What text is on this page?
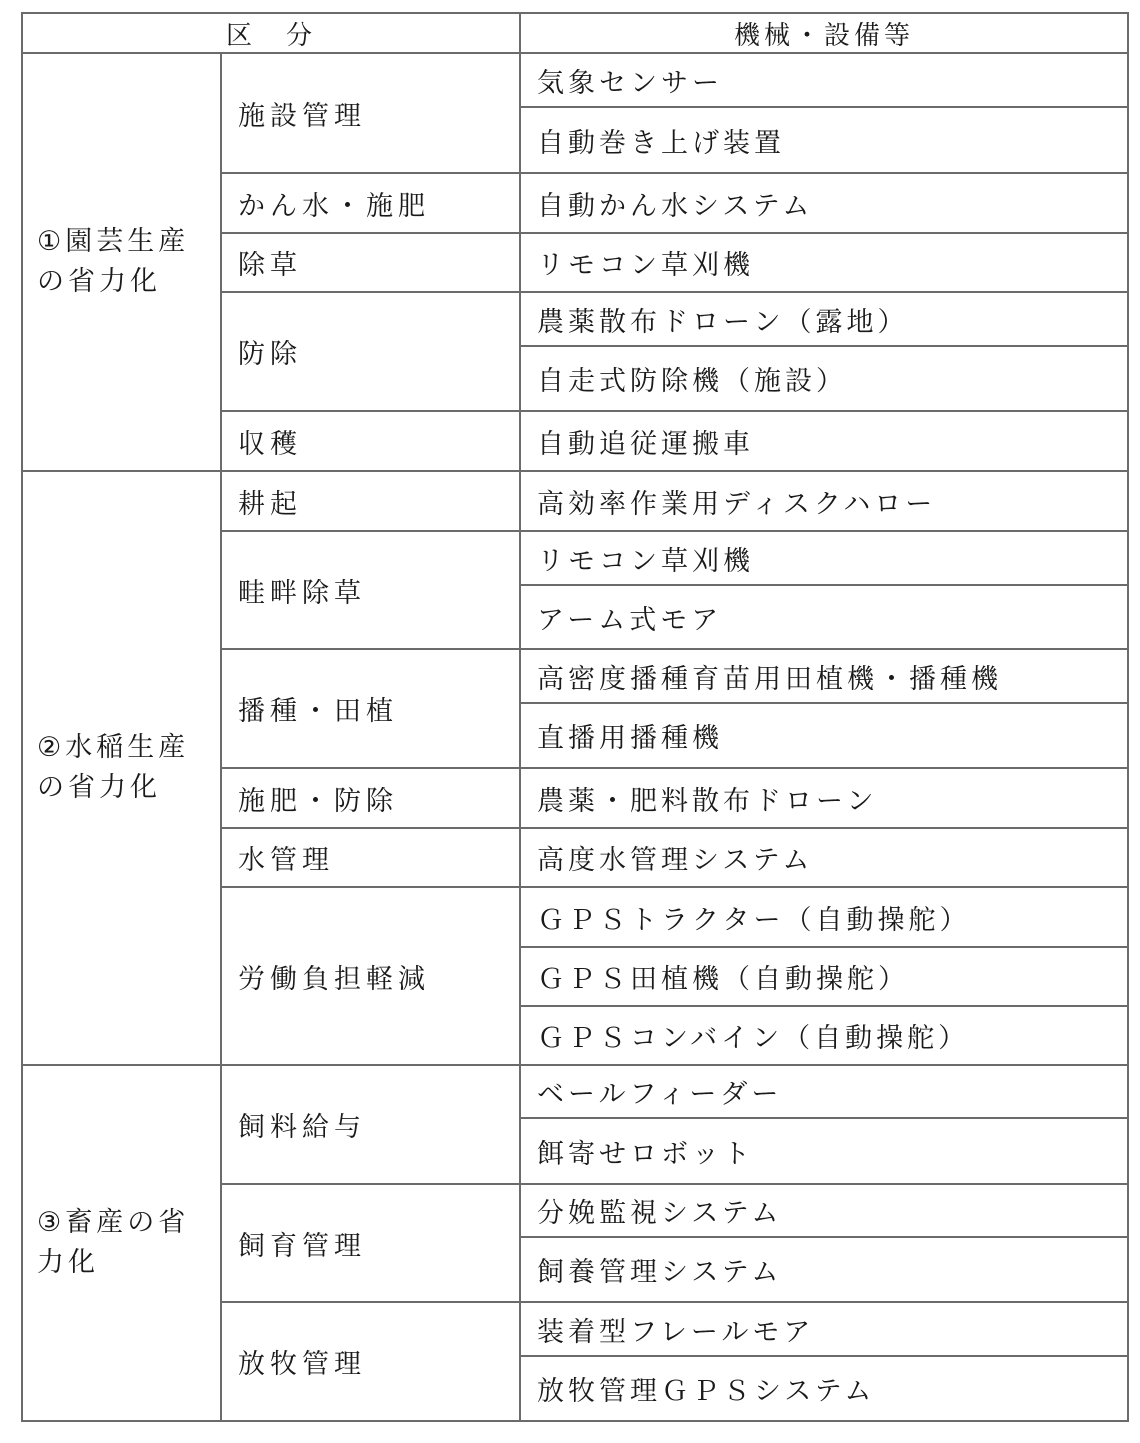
区　分		機械・設備等
①園芸生産の省力化	施設管理	気象センサー
		自動巻き上げ装置
	かん水・施肥	自動かん水システム
	除草	リモコン草刈機
	防除	農薬散布ドローン（露地）
		自走式防除機（施設）
	収穫	自動追従運搬車
②水稲生産の省力化	耕起	高効率作業用ディスクハロー
	畦畔除草	リモコン草刈機
		アーム式モア
	播種・田植	高密度播種育苗用田植機・播種機
		直播用播種機
	施肥・防除	農薬・肥料散布ドローン
	水管理	高度水管理システム
	労働負担軽減	ＧＰＳトラクター（自動操舵）
		ＧＰＳ田植機（自動操舵）
		ＧＰＳコンバイン（自動操舵）
③畜産の省力化	飼料給与	ベールフィーダー
		餌寄せロボット
	飼育管理	分娩監視システム
		飼養管理システム
	放牧管理	装着型フレールモア
		放牧管理ＧＰＳシステム
